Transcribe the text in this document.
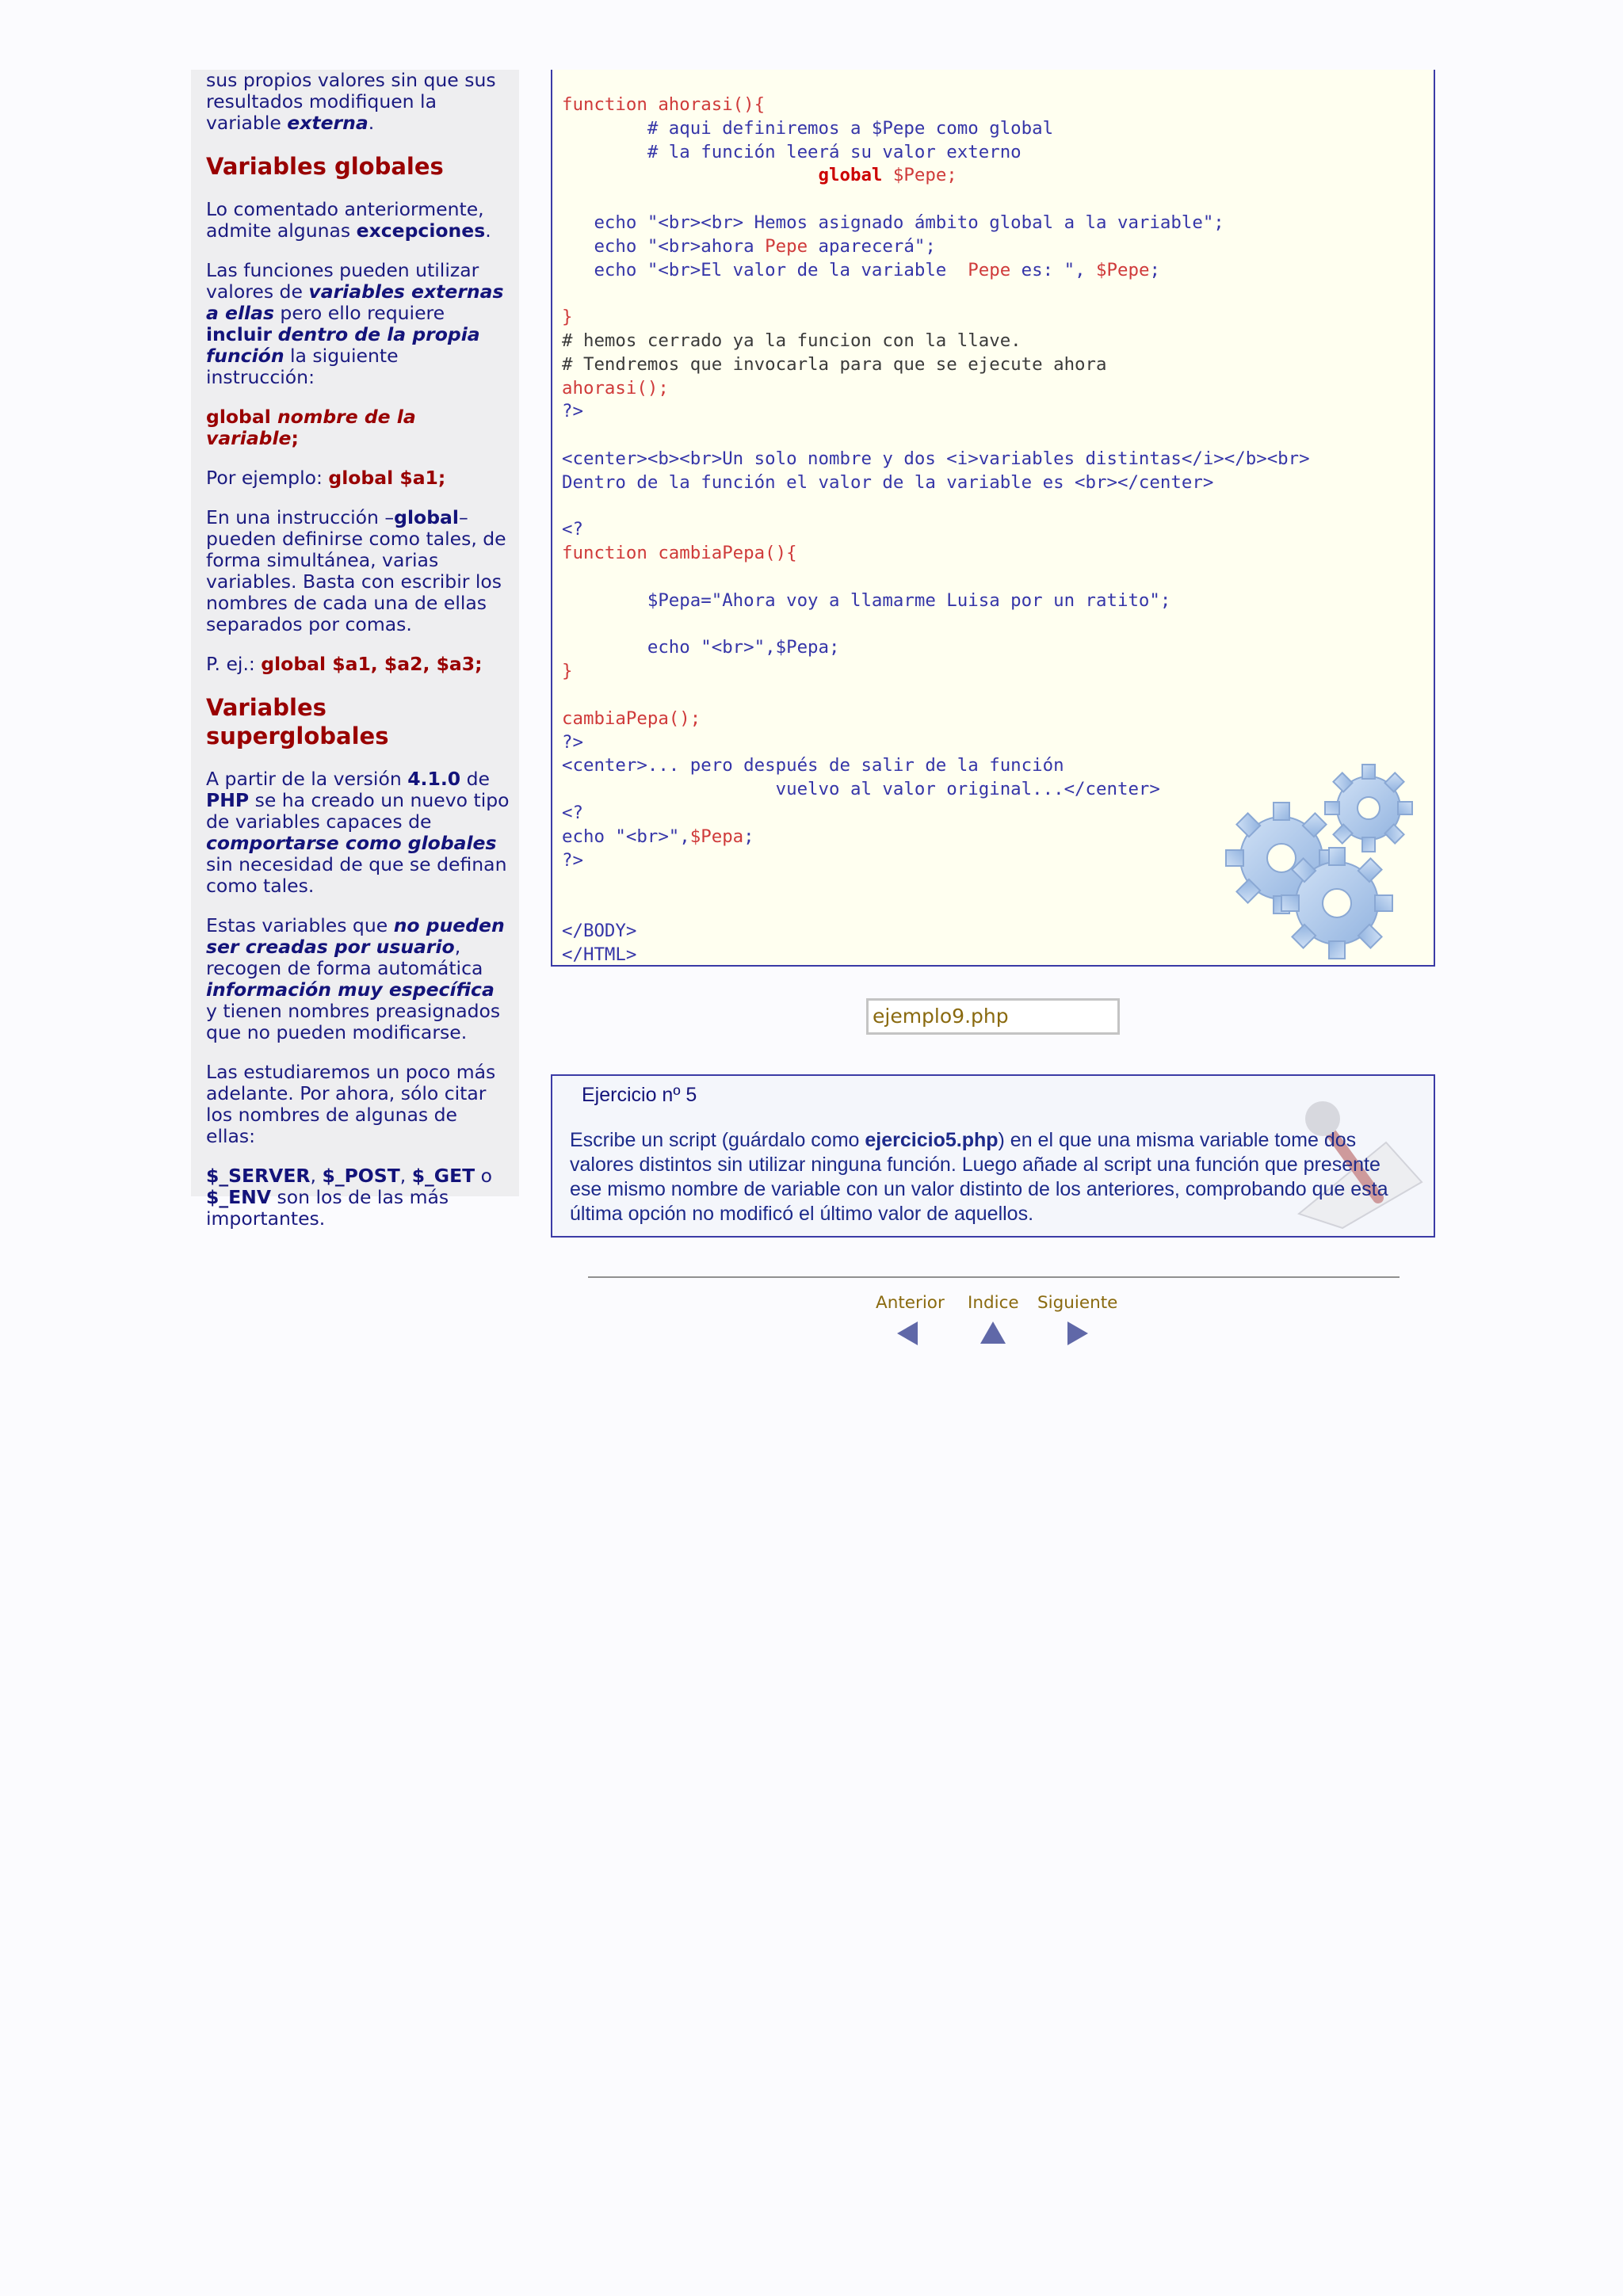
sus propios valores sin que sus resultados modifiquen la variable externa.

Variables globales

Lo comentado anteriormente, admite algunas excepciones.

Las funciones pueden utilizar valores de variables externas a ellas pero ello requiere incluir dentro de la propia función la siguiente instrucción:

global nombre de la variable;

Por ejemplo: global $a1;

En una instrucción –global– pueden definirse como tales, de forma simultánea, varias variables. Basta con escribir los nombres de cada una de ellas separados por comas.

P. ej.: global $a1, $a2, $a3;

Variables superglobales

A partir de la versión 4.1.0 de PHP se ha creado un nuevo tipo de variables capaces de comportarse como globales sin necesidad de que se definan como tales.

Estas variables que no pueden ser creadas por usuario, recogen de forma automática información muy específica y tienen nombres preasignados que no pueden modificarse.

Las estudiaremos un poco más adelante. Por ahora, sólo citar los nombres de algunas de ellas:

$_SERVER, $_POST, $_GET o $_ENV son los de las más importantes.

function ahorasi(){
# aqui definiremos a $Pepe como global
# la función leerá su valor externo
global $Pepe;

echo "<br><br> Hemos asignado ámbito global a la variable";
echo "<br>ahora Pepe aparecerá";
echo "<br>El valor de la variable  Pepe es: ", $Pepe;

}
# hemos cerrado ya la funcion con la llave.
# Tendremos que invocarla para que se ejecute ahora
ahorasi();
?>

<center><b><br>Un solo nombre y dos <i>variables distintas</i></b><br>
Dentro de la función el valor de la variable es <br></center>

<?
function cambiaPepa(){

$Pepa="Ahora voy a llamarme Luisa por un ratito";

echo "<br>",$Pepa;
}

cambiaPepa();
?>
<center>... pero después de salir de la función
vuelvo al valor original...</center>
<?
echo "<br>",$Pepa;
?>

</BODY>
</HTML>
ejemplo9.php
Ejercicio nº 5
Escribe un script (guárdalo como ejercicio5.php) en el que una misma variable tome dos valores distintos sin utilizar ninguna función. Luego añade al script una función que presente ese mismo nombre de variable con un valor distinto de los anteriores, comprobando que esta última opción no modificó el último valor de aquellos.
Anterior Indice Siguiente
